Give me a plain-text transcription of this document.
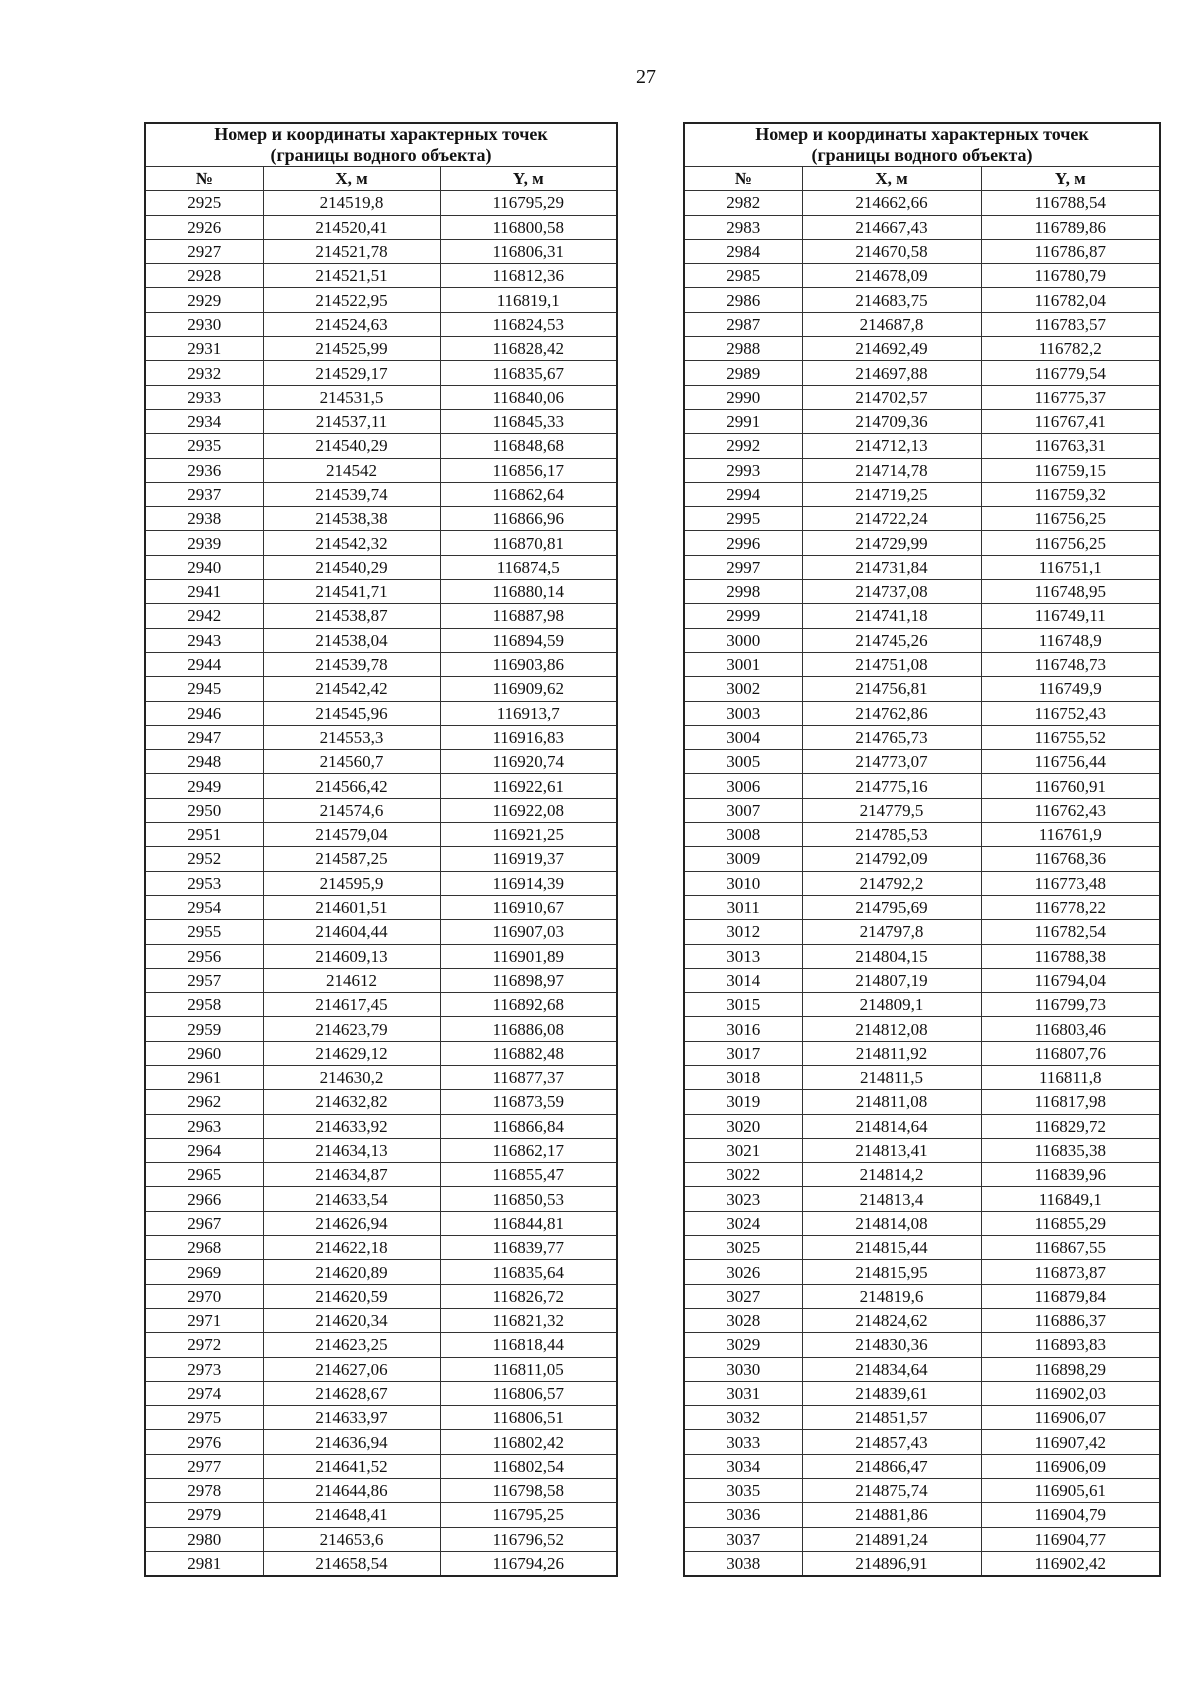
27
Номер и координаты характерных точек
(границы водного объекта)		
№	X, м	Y, м
2925	214519,8	116795,29
2926	214520,41	116800,58
2927	214521,78	116806,31
2928	214521,51	116812,36
2929	214522,95	116819,1
2930	214524,63	116824,53
2931	214525,99	116828,42
2932	214529,17	116835,67
2933	214531,5	116840,06
2934	214537,11	116845,33
2935	214540,29	116848,68
2936	214542	116856,17
2937	214539,74	116862,64
2938	214538,38	116866,96
2939	214542,32	116870,81
2940	214540,29	116874,5
2941	214541,71	116880,14
2942	214538,87	116887,98
2943	214538,04	116894,59
2944	214539,78	116903,86
2945	214542,42	116909,62
2946	214545,96	116913,7
2947	214553,3	116916,83
2948	214560,7	116920,74
2949	214566,42	116922,61
2950	214574,6	116922,08
2951	214579,04	116921,25
2952	214587,25	116919,37
2953	214595,9	116914,39
2954	214601,51	116910,67
2955	214604,44	116907,03
2956	214609,13	116901,89
2957	214612	116898,97
2958	214617,45	116892,68
2959	214623,79	116886,08
2960	214629,12	116882,48
2961	214630,2	116877,37
2962	214632,82	116873,59
2963	214633,92	116866,84
2964	214634,13	116862,17
2965	214634,87	116855,47
2966	214633,54	116850,53
2967	214626,94	116844,81
2968	214622,18	116839,77
2969	214620,89	116835,64
2970	214620,59	116826,72
2971	214620,34	116821,32
2972	214623,25	116818,44
2973	214627,06	116811,05
2974	214628,67	116806,57
2975	214633,97	116806,51
2976	214636,94	116802,42
2977	214641,52	116802,54
2978	214644,86	116798,58
2979	214648,41	116795,25
2980	214653,6	116796,52
2981	214658,54	116794,26
Номер и координаты характерных точек
(границы водного объекта)		
№	X, м	Y, м
2982	214662,66	116788,54
2983	214667,43	116789,86
2984	214670,58	116786,87
2985	214678,09	116780,79
2986	214683,75	116782,04
2987	214687,8	116783,57
2988	214692,49	116782,2
2989	214697,88	116779,54
2990	214702,57	116775,37
2991	214709,36	116767,41
2992	214712,13	116763,31
2993	214714,78	116759,15
2994	214719,25	116759,32
2995	214722,24	116756,25
2996	214729,99	116756,25
2997	214731,84	116751,1
2998	214737,08	116748,95
2999	214741,18	116749,11
3000	214745,26	116748,9
3001	214751,08	116748,73
3002	214756,81	116749,9
3003	214762,86	116752,43
3004	214765,73	116755,52
3005	214773,07	116756,44
3006	214775,16	116760,91
3007	214779,5	116762,43
3008	214785,53	116761,9
3009	214792,09	116768,36
3010	214792,2	116773,48
3011	214795,69	116778,22
3012	214797,8	116782,54
3013	214804,15	116788,38
3014	214807,19	116794,04
3015	214809,1	116799,73
3016	214812,08	116803,46
3017	214811,92	116807,76
3018	214811,5	116811,8
3019	214811,08	116817,98
3020	214814,64	116829,72
3021	214813,41	116835,38
3022	214814,2	116839,96
3023	214813,4	116849,1
3024	214814,08	116855,29
3025	214815,44	116867,55
3026	214815,95	116873,87
3027	214819,6	116879,84
3028	214824,62	116886,37
3029	214830,36	116893,83
3030	214834,64	116898,29
3031	214839,61	116902,03
3032	214851,57	116906,07
3033	214857,43	116907,42
3034	214866,47	116906,09
3035	214875,74	116905,61
3036	214881,86	116904,79
3037	214891,24	116904,77
3038	214896,91	116902,42
